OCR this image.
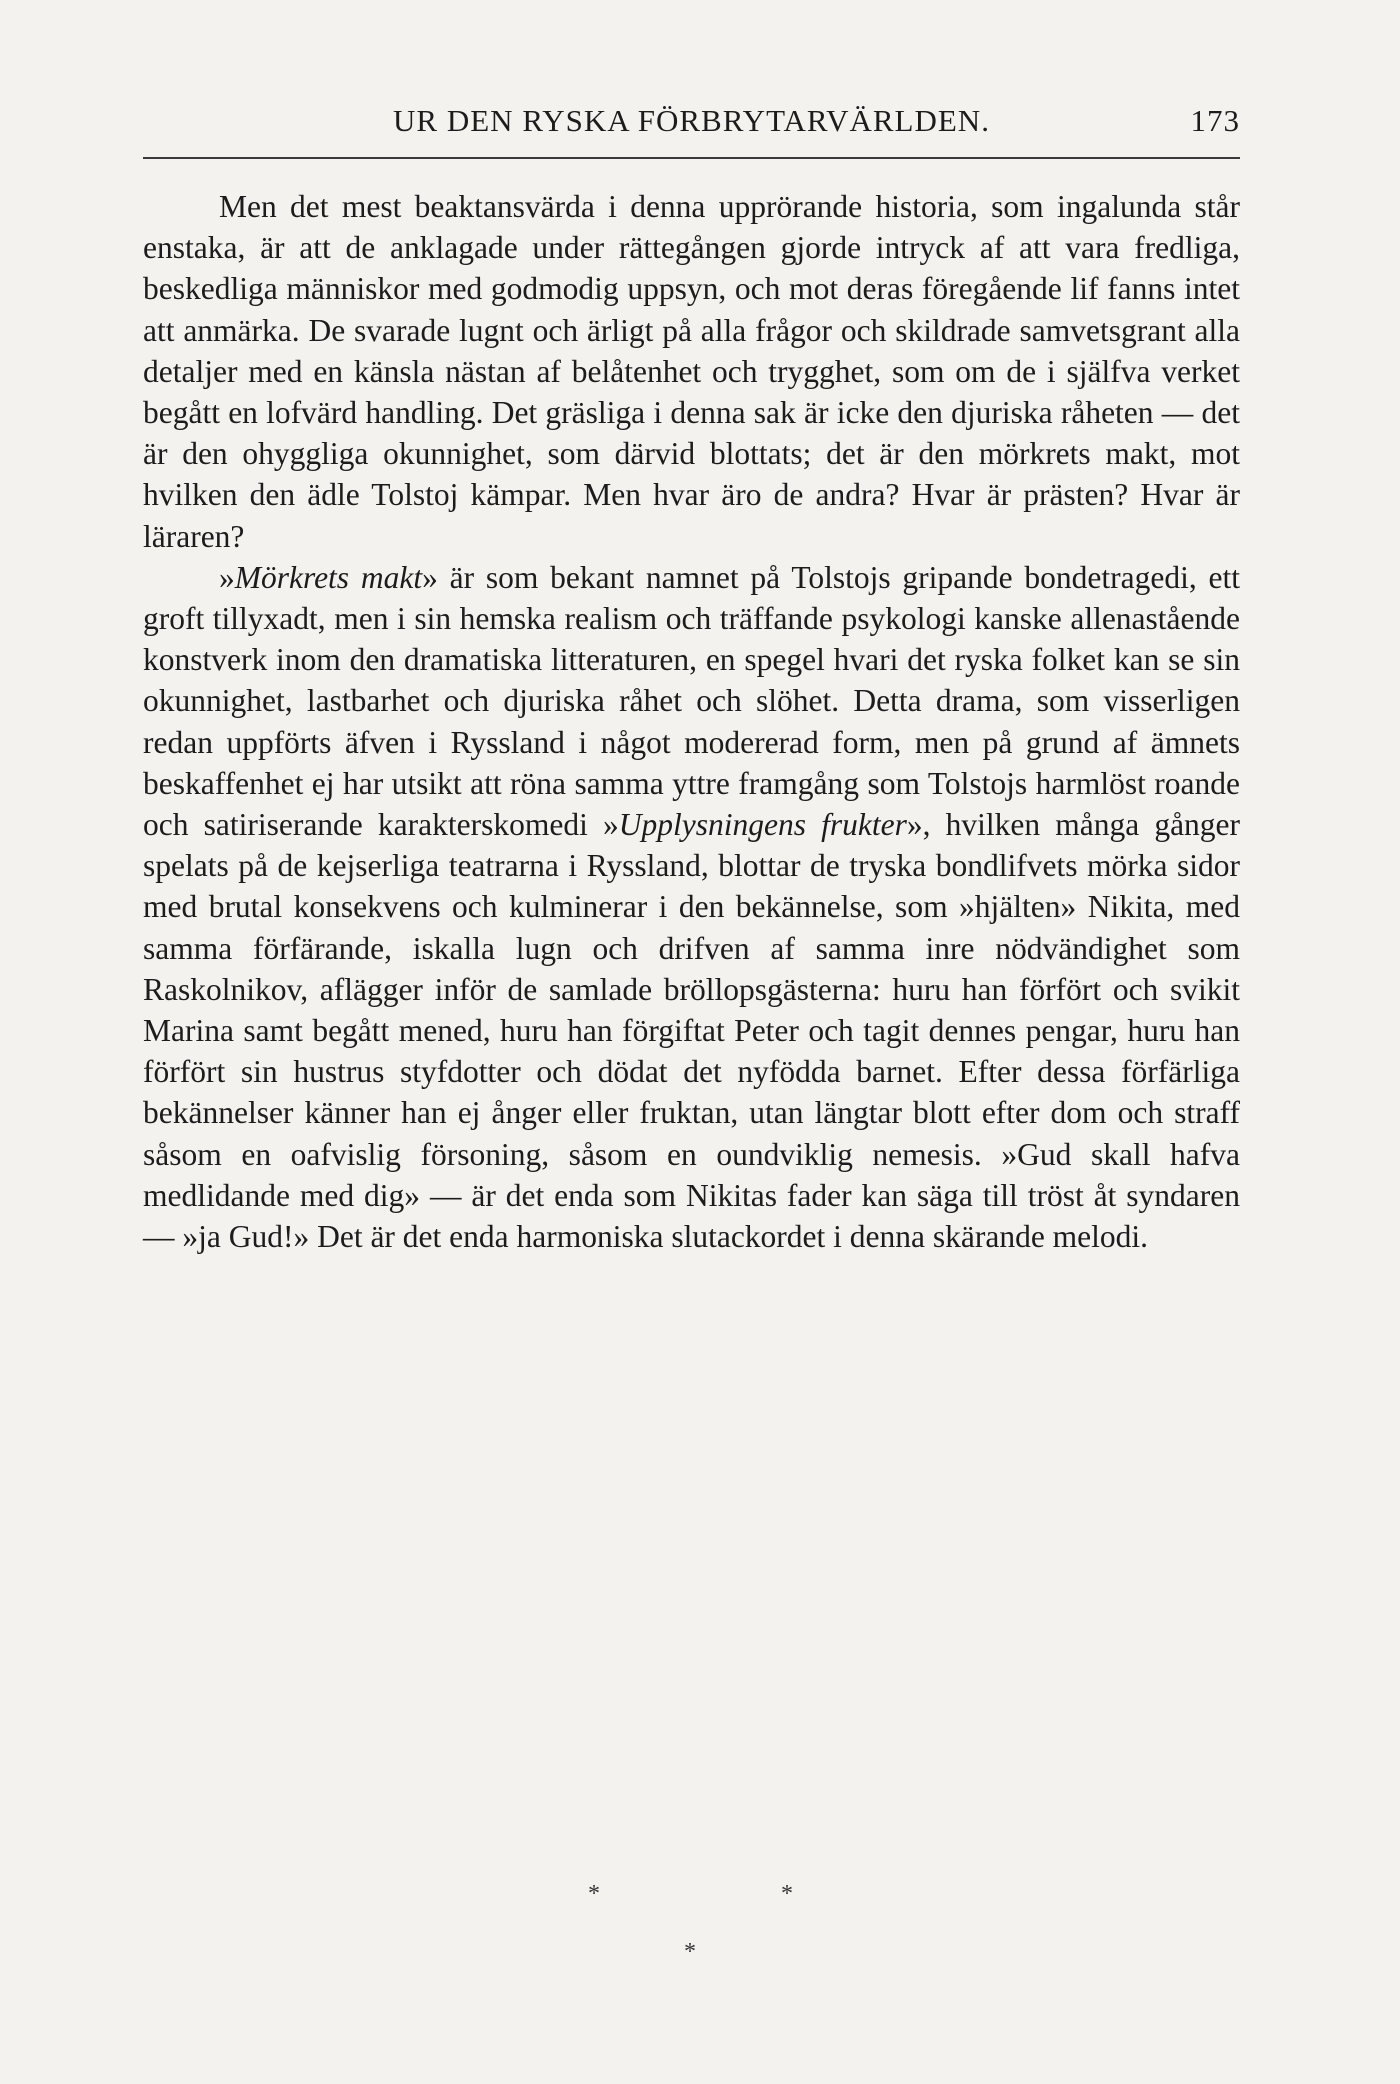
UR DEN RYSKA FÖRBRYTARVÄRLDEN.	173

Men det mest beaktansvärda i denna upprörande historia, som ingalunda står enstaka, är att de anklagade under rättegången gjorde intryck af att vara fredliga, beskedliga människor med godmodig uppsyn, och mot deras föregående lif fanns intet att anmärka. De svarade lugnt och ärligt på alla frågor och skildrade samvetsgrant alla detaljer med en känsla nästan af belåtenhet och trygghet, som om de i själfva verket begått en lofvärd handling. Det gräsliga i denna sak är icke den djuriska råheten — det är den ohyggliga okunnighet, som därvid blottats; det är den mörkrets makt, mot hvilken den ädle Tolstoj kämpar. Men hvar äro de andra? Hvar är prästen? Hvar är läraren?

»Mörkrets makt» är som bekant namnet på Tolstojs gripande bondetragedi, ett groft tillyxadt, men i sin hemska realism och träffande psykologi kanske allenastående konstverk inom den dramatiska litteraturen, en spegel hvari det ryska folket kan se sin okunnighet, lastbarhet och djuriska råhet och slöhet. Detta drama, som visserligen redan uppförts äfven i Ryssland i något modererad form, men på grund af ämnets beskaffenhet ej har utsikt att röna samma yttre framgång som Tolstojs harmlöst roande och satiriserande karakterskomedi »Upplysningens frukter», hvilken många gånger spelats på de kejserliga teatrarna i Ryssland, blottar de tryska bondlifvets mörka sidor med brutal konsekvens och kulminerar i den bekännelse, som »hjälten» Nikita, med samma förfärande, iskalla lugn och drifven af samma inre nödvändighet som Raskolnikov, aflägger inför de samlade bröllopsgästerna: huru han förfört och svikit Marina samt begått mened, huru han förgiftat Peter och tagit dennes pengar, huru han förfört sin hustrus styfdotter och dödat det nyfödda barnet. Efter dessa förfärliga bekännelser känner han ej ånger eller fruktan, utan längtar blott efter dom och straff såsom en oafvislig försoning, såsom en oundviklig nemesis. »Gud skall hafva medlidande med dig» — är det enda som Nikitas fader kan säga till tröst åt syndaren — »ja Gud!» Det är det enda harmoniska slutackordet i denna skärande melodi.

*	*
*
